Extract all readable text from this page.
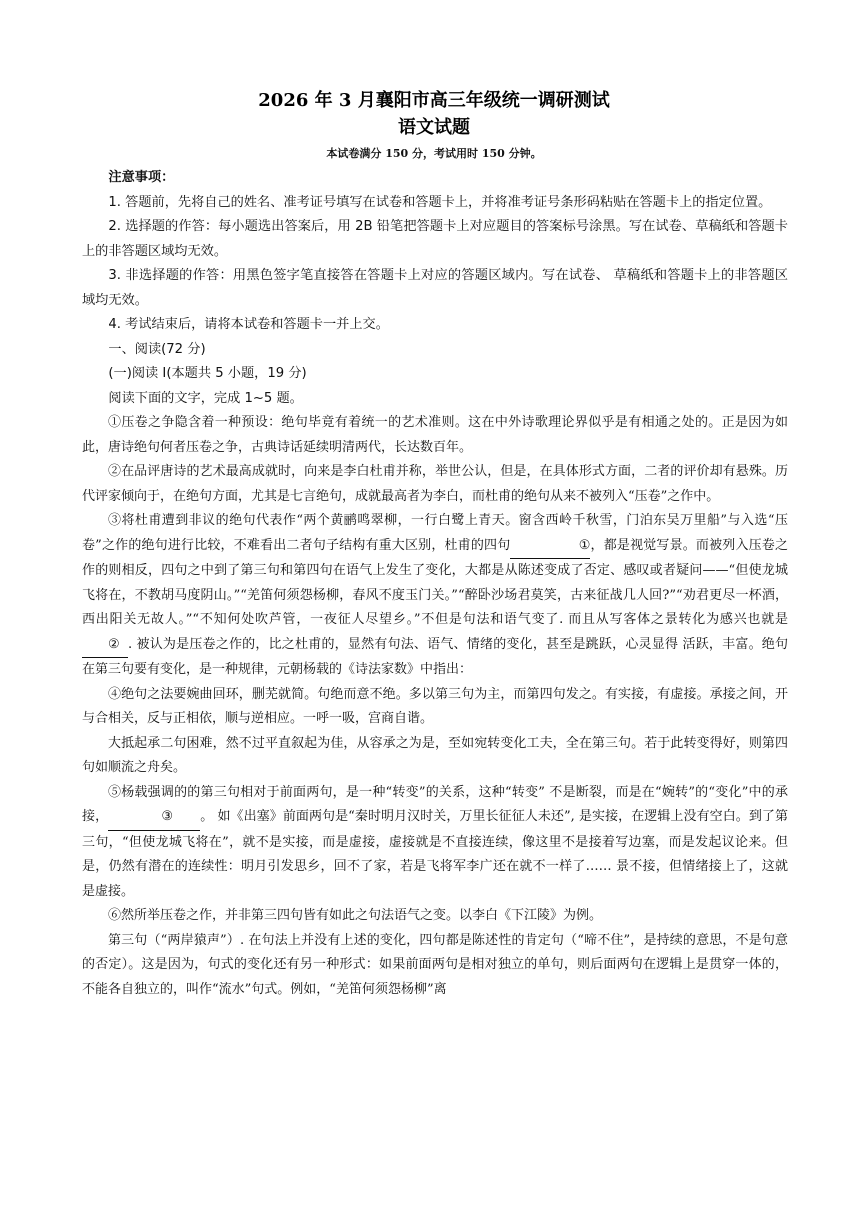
2026 年 3 月襄阳市高三年级统一调研测试
语文试题
本试卷满分 150 分，考试用时 150 分钟。

注意事项：

1. 答题前，先将自己的姓名、准考证号填写在试卷和答题卡上，并将准考证号条形码粘贴在答题卡上的指定位置。

2. 选择题的作答：每小题选出答案后，用 2B 铅笔把答题卡上对应题目的答案标号涂黑。写在试卷、草稿纸和答题卡上的非答题区域均无效。

3. 非选择题的作答：用黑色签字笔直接答在答题卡上对应的答题区域内。写在试卷、 草稿纸和答题卡上的非答题区域均无效。

4. 考试结束后，请将本试卷和答题卡一并上交。

一、阅读(72 分)

(一)阅读 I(本题共 5 小题，19 分)

阅读下面的文字，完成 1~5 题。

①压卷之争隐含着一种预设：绝句毕竟有着统一的艺术准则。这在中外诗歌理论界似乎是有相通之处的。正是因为如此，唐诗绝句何者压卷之争，古典诗话延续明清两代，长达数百年。

②在品评唐诗的艺术最高成就时，向来是李白杜甫并称，举世公认，但是，在具体形式方面，二者的评价却有悬殊。历代评家倾向于，在绝句方面，尤其是七言绝句，成就最高者为李白，而杜甫的绝句从来不被列入“压卷”之作中。

③将杜甫遭到非议的绝句代表作“两个黄鹂鸣翠柳，一行白鹭上青天。窗含西岭千秋雪，门泊东吴万里船”与入选“压卷”之作的绝句进行比较，不难看出二者句子结构有重大区别，杜甫的四句	①，都是视觉写景。而被列入压卷之作的则相反，四句之中到了第三句和第四句在语气上发生了变化，大都是从陈述变成了否定、感叹或者疑问——“但使龙城飞将在，不教胡马度阴山。”“羌笛何须怨杨柳，春风不度玉门关。”“醉卧沙场君莫笑，古来征战几人回?”“劝君更尽一杯酒，西出阳关无故人。”“不知何处吹芦管，一夜征人尽望乡。”不但是句法和语气变了. 而且从写客体之景转化为感兴也就是② . 被认为是压卷之作的，比之杜甫的，显然有句法、语气、情绪的变化，甚至是跳跃，心灵显得 活跃，丰富。绝句在第三句要有变化，是一种规律，元朝杨载的《诗法家数》中指出：

④绝句之法要婉曲回环，删芜就简。句绝而意不绝。多以第三句为主，而第四句发之。有实接，有虚接。承接之间，开与合相关，反与正相依，顺与逆相应。一呼一吸，宫商自谐。

大抵起承二句困难，然不过平直叙起为佳，从容承之为是，至如宛转变化工夫，全在第三句。若于此转变得好，则第四句如顺流之舟矣。

⑤杨载强调的的第三句相对于前面两句，是一种“转变”的关系，这种“转变” 不是断裂，而是在“婉转”的“变化”中的承接，	③ 。 如《出塞》前面两句是“秦时明月汉时关，万里长征征人未还”, 是实接，在逻辑上没有空白。到了第三句，“但使龙城飞将在”，就不是实接，而是虚接，虚接就是不直接连续，像这里不是接着写边塞，而是发起议论来。但是，仍然有潜在的连续性：明月引发思乡，回不了家，若是飞将军李广还在就不一样了…… 景不接，但情绪接上了，这就是虚接。

⑥然所举压卷之作，并非第三四句皆有如此之句法语气之变。以李白《下江陵》为例。

第三句（“两岸猿声”）. 在句法上并没有上述的变化，四句都是陈述性的肯定句（“啼不住”，是持续的意思，不是句意的否定）。这是因为，句式的变化还有另一种形式：如果前面两句是相对独立的单句，则后面两句在逻辑上是贯穿一体的，不能各自独立的，叫作“流水”句式。例如，“羌笛何须怨杨柳”离
